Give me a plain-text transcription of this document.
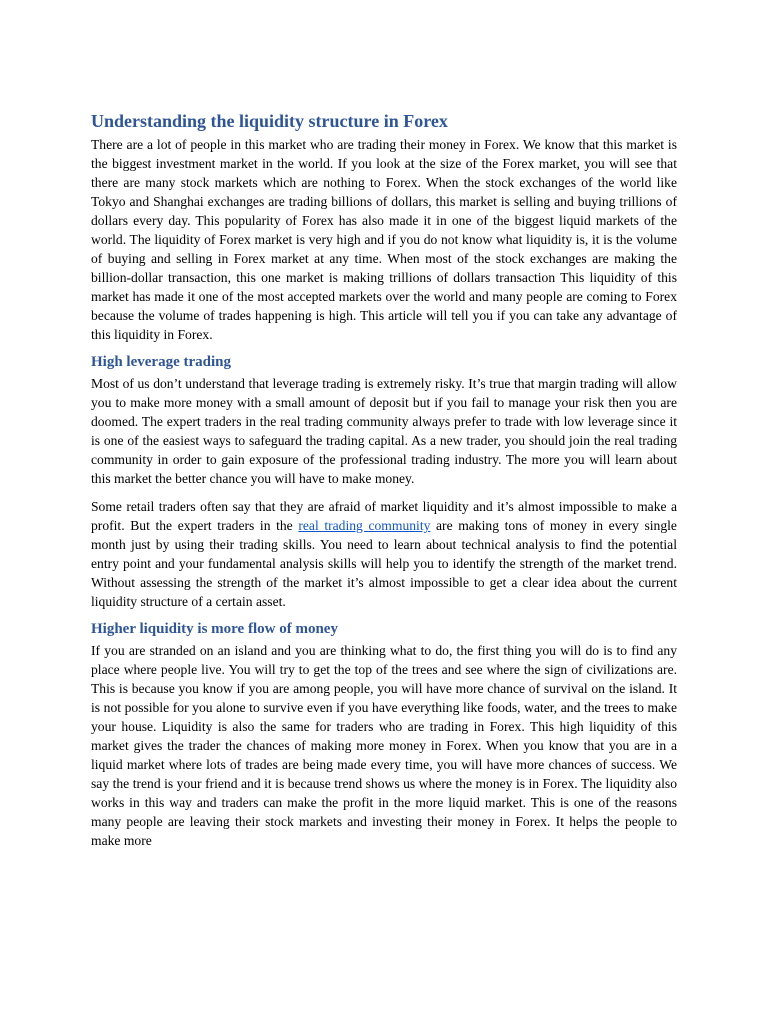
Understanding the liquidity structure in Forex

There are a lot of people in this market who are trading their money in Forex. We know that this market is the biggest investment market in the world. If you look at the size of the Forex market, you will see that there are many stock markets which are nothing to Forex. When the stock exchanges of the world like Tokyo and Shanghai exchanges are trading billions of dollars, this market is selling and buying trillions of dollars every day. This popularity of Forex has also made it in one of the biggest liquid markets of the world. The liquidity of Forex market is very high and if you do not know what liquidity is, it is the volume of buying and selling in Forex market at any time. When most of the stock exchanges are making the billion-dollar transaction, this one market is making trillions of dollars transaction This liquidity of this market has made it one of the most accepted markets over the world and many people are coming to Forex because the volume of trades happening is high. This article will tell you if you can take any advantage of this liquidity in Forex.

High leverage trading

Most of us don’t understand that leverage trading is extremely risky. It’s true that margin trading will allow you to make more money with a small amount of deposit but if you fail to manage your risk then you are doomed. The expert traders in the real trading community always prefer to trade with low leverage since it is one of the easiest ways to safeguard the trading capital. As a new trader, you should join the real trading community in order to gain exposure of the professional trading industry. The more you will learn about this market the better chance you will have to make money.

Some retail traders often say that they are afraid of market liquidity and it’s almost impossible to make a profit. But the expert traders in the real trading community are making tons of money in every single month just by using their trading skills. You need to learn about technical analysis to find the potential entry point and your fundamental analysis skills will help you to identify the strength of the market trend. Without assessing the strength of the market it’s almost impossible to get a clear idea about the current liquidity structure of a certain asset.

Higher liquidity is more flow of money

If you are stranded on an island and you are thinking what to do, the first thing you will do is to find any place where people live. You will try to get the top of the trees and see where the sign of civilizations are. This is because you know if you are among people, you will have more chance of survival on the island. It is not possible for you alone to survive even if you have everything like foods, water, and the trees to make your house. Liquidity is also the same for traders who are trading in Forex. This high liquidity of this market gives the trader the chances of making more money in Forex. When you know that you are in a liquid market where lots of trades are being made every time, you will have more chances of success. We say the trend is your friend and it is because trend shows us where the money is in Forex. The liquidity also works in this way and traders can make the profit in the more liquid market. This is one of the reasons many people are leaving their stock markets and investing their money in Forex. It helps the people to make more
